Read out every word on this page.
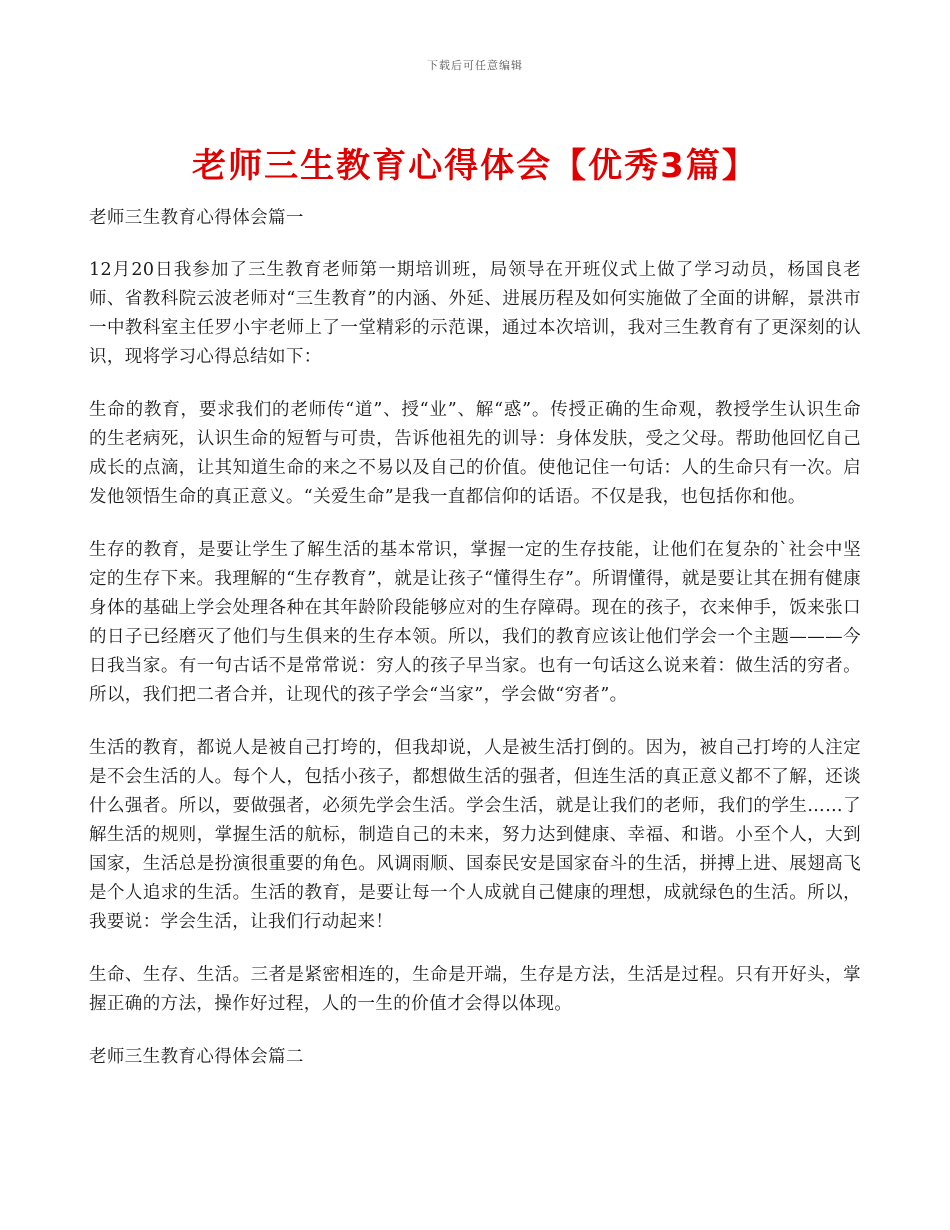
下载后可任意编辑
老师三生教育心得体会【优秀3篇】

老师三生教育心得体会篇一

12月20日我参加了三生教育老师第一期培训班，局领导在开班仪式上做了学习动员，杨国良老师、省教科院云波老师对“三生教育”的内涵、外延、进展历程及如何实施做了全面的讲解，景洪市一中教科室主任罗小宇老师上了一堂精彩的示范课，通过本次培训，我对三生教育有了更深刻的认识，现将学习心得总结如下：

生命的教育，要求我们的老师传“道”、授“业”、解“惑”。传授正确的生命观，教授学生认识生命的生老病死，认识生命的短暂与可贵，告诉他祖先的训导：身体发肤，受之父母。帮助他回忆自己成长的点滴，让其知道生命的来之不易以及自己的价值。使他记住一句话：人的生命只有一次。启发他领悟生命的真正意义。“关爱生命”是我一直都信仰的话语。不仅是我，也包括你和他。

生存的教育，是要让学生了解生活的基本常识，掌握一定的生存技能，让他们在复杂的`社会中坚定的生存下来。我理解的“生存教育”，就是让孩子“懂得生存”。所谓懂得，就是要让其在拥有健康身体的基础上学会处理各种在其年龄阶段能够应对的生存障碍。现在的孩子，衣来伸手，饭来张口的日子已经磨灭了他们与生俱来的生存本领。所以，我们的教育应该让他们学会一个主题———今日我当家。有一句古话不是常常说：穷人的孩子早当家。也有一句话这么说来着：做生活的穷者。所以，我们把二者合并，让现代的孩子学会“当家”，学会做“穷者”。

生活的教育，都说人是被自己打垮的，但我却说，人是被生活打倒的。因为，被自己打垮的人注定是不会生活的人。每个人，包括小孩子，都想做生活的强者，但连生活的真正意义都不了解，还谈什么强者。所以，要做强者，必须先学会生活。学会生活，就是让我们的老师，我们的学生……了解生活的规则，掌握生活的航标，制造自己的未来，努力达到健康、幸福、和谐。小至个人，大到国家，生活总是扮演很重要的角色。风调雨顺、国泰民安是国家奋斗的生活，拼搏上进、展翅高飞是个人追求的生活。生活的教育，是要让每一个人成就自己健康的理想，成就绿色的生活。所以，我要说：学会生活，让我们行动起来！

生命、生存、生活。三者是紧密相连的，生命是开端，生存是方法，生活是过程。只有开好头，掌握正确的方法，操作好过程，人的一生的价值才会得以体现。

老师三生教育心得体会篇二
